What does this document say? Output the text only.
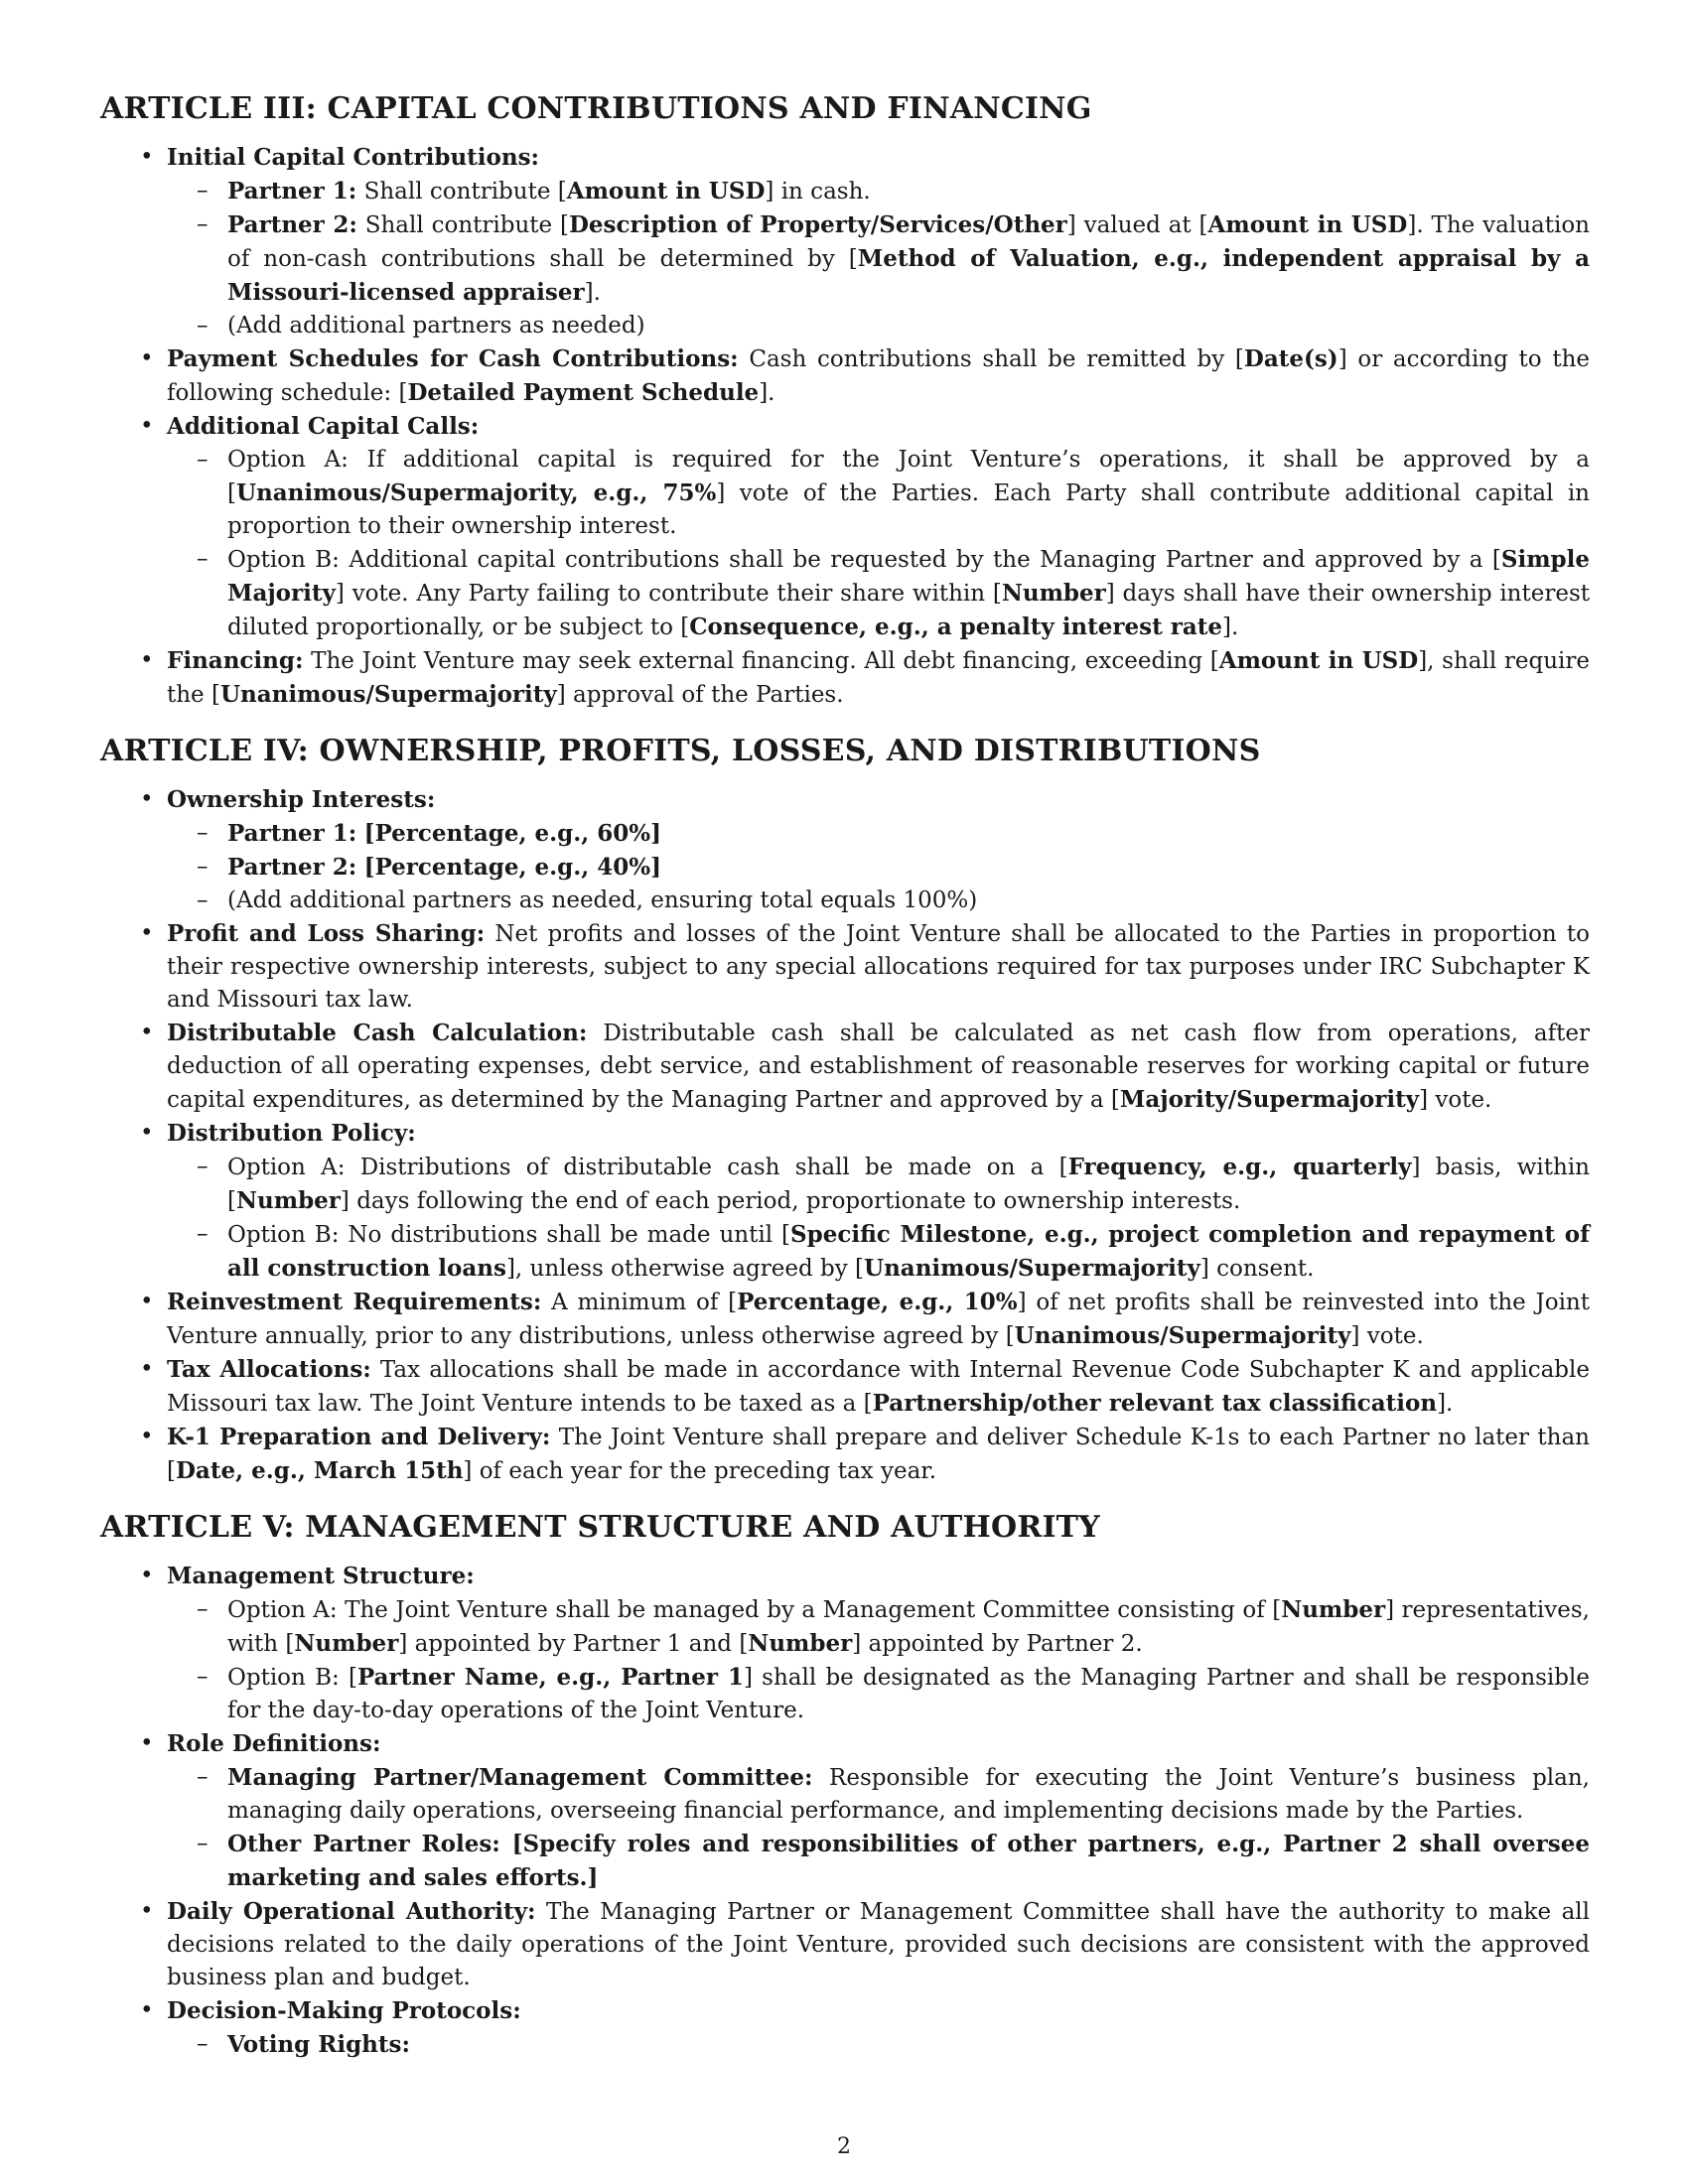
ARTICLE III: CAPITAL CONTRIBUTIONS AND FINANCING
• Initial Capital Contributions:
– Partner 1: Shall contribute [Amount in USD] in cash.
– Partner 2: Shall contribute [Description of Property/Services/Other] valued at [Amount in USD]. The valuation of non-cash contributions shall be determined by [Method of Valuation, e.g., independent appraisal by a Missouri-licensed appraiser].
– (Add additional partners as needed)
• Payment Schedules for Cash Contributions: Cash contributions shall be remitted by [Date(s)] or according to the following schedule: [Detailed Payment Schedule].
• Additional Capital Calls:
– Option A: If additional capital is required for the Joint Venture’s operations, it shall be approved by a [Unanimous/Supermajority, e.g., 75%] vote of the Parties. Each Party shall contribute additional capital in proportion to their ownership interest.
– Option B: Additional capital contributions shall be requested by the Managing Partner and approved by a [Simple Majority] vote. Any Party failing to contribute their share within [Number] days shall have their ownership interest diluted proportionally, or be subject to [Consequence, e.g., a penalty interest rate].
• Financing: The Joint Venture may seek external financing. All debt financing, exceeding [Amount in USD], shall require the [Unanimous/Supermajority] approval of the Parties.
ARTICLE IV: OWNERSHIP, PROFITS, LOSSES, AND DISTRIBUTIONS
• Ownership Interests:
– Partner 1: [Percentage, e.g., 60%]
– Partner 2: [Percentage, e.g., 40%]
– (Add additional partners as needed, ensuring total equals 100%)
• Profit and Loss Sharing: Net profits and losses of the Joint Venture shall be allocated to the Parties in proportion to their respective ownership interests, subject to any special allocations required for tax purposes under IRC Subchapter K and Missouri tax law.
• Distributable Cash Calculation: Distributable cash shall be calculated as net cash flow from operations, after deduction of all operating expenses, debt service, and establishment of reasonable reserves for working capital or future capital expenditures, as determined by the Managing Partner and approved by a [Majority/Supermajority] vote.
• Distribution Policy:
– Option A: Distributions of distributable cash shall be made on a [Frequency, e.g., quarterly] basis, within [Number] days following the end of each period, proportionate to ownership interests.
– Option B: No distributions shall be made until [Specific Milestone, e.g., project completion and repayment of all construction loans], unless otherwise agreed by [Unanimous/Supermajority] consent.
• Reinvestment Requirements: A minimum of [Percentage, e.g., 10%] of net profits shall be reinvested into the Joint Venture annually, prior to any distributions, unless otherwise agreed by [Unanimous/Supermajority] vote.
• Tax Allocations: Tax allocations shall be made in accordance with Internal Revenue Code Subchapter K and applicable Missouri tax law. The Joint Venture intends to be taxed as a [Partnership/other relevant tax classification].
• K-1 Preparation and Delivery: The Joint Venture shall prepare and deliver Schedule K-1s to each Partner no later than [Date, e.g., March 15th] of each year for the preceding tax year.
ARTICLE V: MANAGEMENT STRUCTURE AND AUTHORITY
• Management Structure:
– Option A: The Joint Venture shall be managed by a Management Committee consisting of [Number] representatives, with [Number] appointed by Partner 1 and [Number] appointed by Partner 2.
– Option B: [Partner Name, e.g., Partner 1] shall be designated as the Managing Partner and shall be responsible for the day-to-day operations of the Joint Venture.
• Role Definitions:
– Managing Partner/Management Committee: Responsible for executing the Joint Venture’s business plan, managing daily operations, overseeing financial performance, and implementing decisions made by the Parties.
– Other Partner Roles: [Specify roles and responsibilities of other partners, e.g., Partner 2 shall oversee marketing and sales efforts.]
• Daily Operational Authority: The Managing Partner or Management Committee shall have the authority to make all decisions related to the daily operations of the Joint Venture, provided such decisions are consistent with the approved business plan and budget.
• Decision-Making Protocols:
– Voting Rights:
2
